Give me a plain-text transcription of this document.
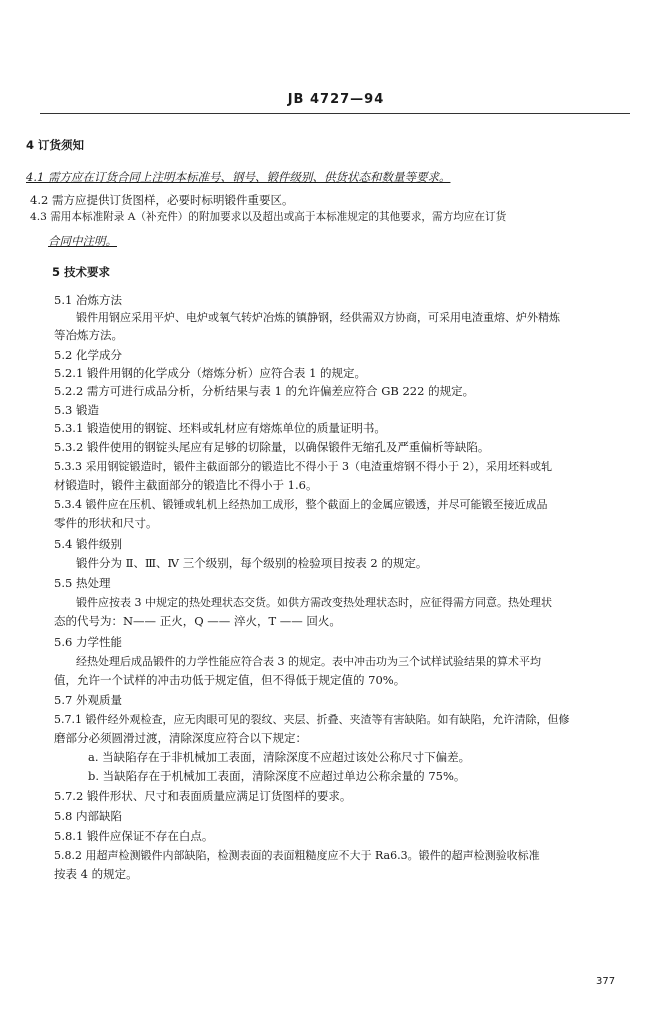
JB 4727—94
4 订货须知
4.1 需方应在订货合同上注明本标准号、钢号、锻件级别、供货状态和数量等要求。
4.2 需方应提供订货图样，必要时标明锻件重要区。
4.3 需用本标准附录 A（补充件）的附加要求以及超出或高于本标准规定的其他要求，需方均应在订货
合同中注明。
5 技术要求
5.1 冶炼方法
锻件用钢应采用平炉、电炉或氧气转炉冶炼的镇静钢，经供需双方协商，可采用电渣重熔、炉外精炼
等冶炼方法。
5.2 化学成分
5.2.1 锻件用钢的化学成分（熔炼分析）应符合表 1 的规定。
5.2.2 需方可进行成品分析，分析结果与表 1 的允许偏差应符合 GB 222 的规定。
5.3 锻造
5.3.1 锻造使用的钢锭、坯料或轧材应有熔炼单位的质量证明书。
5.3.2 锻件使用的钢锭头尾应有足够的切除量，以确保锻件无缩孔及严重偏析等缺陷。
5.3.3 采用钢锭锻造时，锻件主截面部分的锻造比不得小于 3（电渣重熔钢不得小于 2），采用坯料或轧
材锻造时，锻件主截面部分的锻造比不得小于 1.6。
5.3.4 锻件应在压机、锻锤或轧机上经热加工成形，整个截面上的金属应锻透，并尽可能锻至接近成品
零件的形状和尺寸。
5.4 锻件级别
锻件分为 Ⅱ、Ⅲ、Ⅳ 三个级别，每个级别的检验项目按表 2 的规定。
5.5 热处理
锻件应按表 3 中规定的热处理状态交货。如供方需改变热处理状态时，应征得需方同意。热处理状
态的代号为：N—— 正火，Q —— 淬火，T —— 回火。
5.6 力学性能
经热处理后成品锻件的力学性能应符合表 3 的规定。表中冲击功为三个试样试验结果的算术平均
值，允许一个试样的冲击功低于规定值，但不得低于规定值的 70%。
5.7 外观质量
5.7.1 锻件经外观检查，应无肉眼可见的裂纹、夹层、折叠、夹渣等有害缺陷。如有缺陷，允许清除，但修
磨部分必须圆滑过渡，清除深度应符合以下规定：
a. 当缺陷存在于非机械加工表面，清除深度不应超过该处公称尺寸下偏差。
b. 当缺陷存在于机械加工表面，清除深度不应超过单边公称余量的 75%。
5.7.2 锻件形状、尺寸和表面质量应满足订货图样的要求。
5.8 内部缺陷
5.8.1 锻件应保证不存在白点。
5.8.2 用超声检测锻件内部缺陷，检测表面的表面粗糙度应不大于 Ra6.3。锻件的超声检测验收标准
按表 4 的规定。
377
